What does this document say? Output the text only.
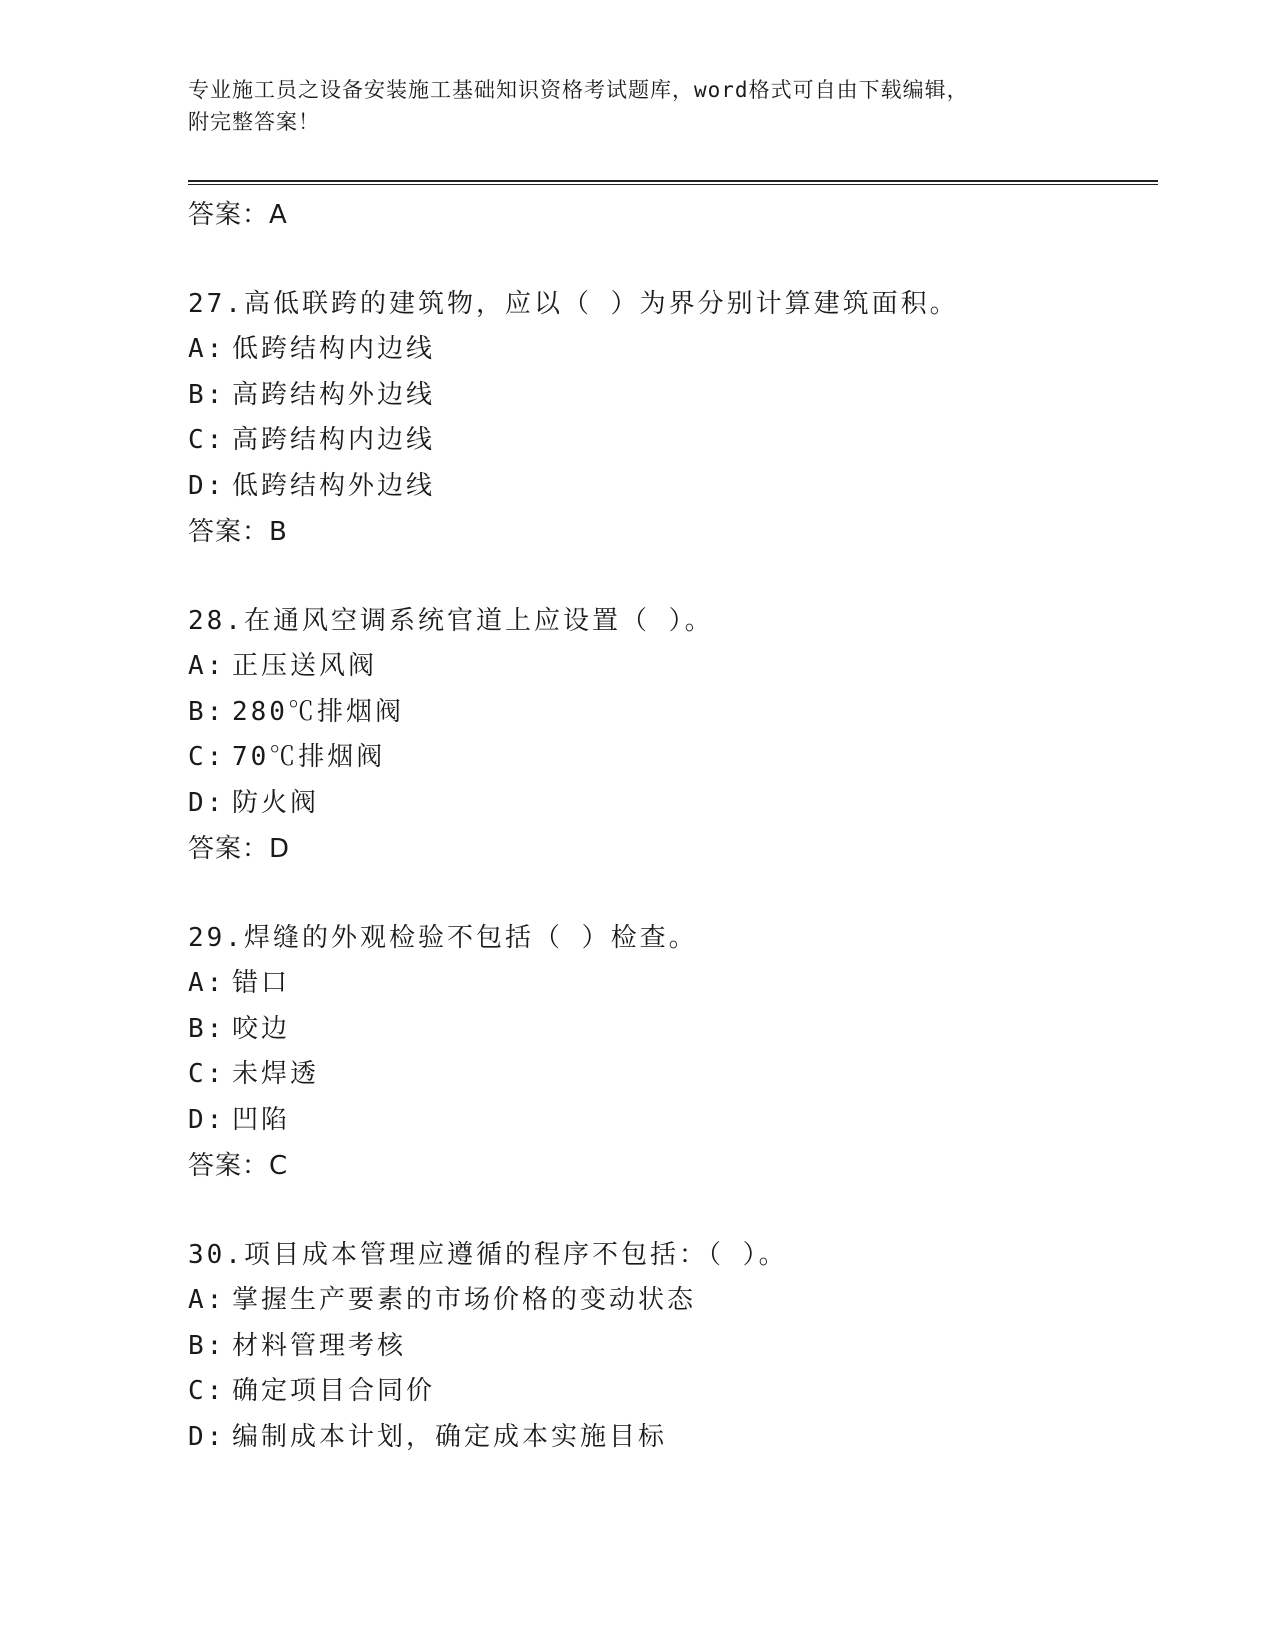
专业施工员之设备安装施工基础知识资格考试题库，word格式可自由下载编辑，
附完整答案！
答案：A
27.高低联跨的建筑物，应以（ ）为界分别计算建筑面积。
A: 低跨结构内边线
B: 高跨结构外边线
C: 高跨结构内边线
D: 低跨结构外边线
答案：B
28.在通风空调系统官道上应设置（ ）。
A: 正压送风阀
B: 280℃排烟阀
C: 70℃排烟阀
D: 防火阀
答案：D
29.焊缝的外观检验不包括（ ）检查。
A: 错口
B: 咬边
C: 未焊透
D: 凹陷
答案：C
30.项目成本管理应遵循的程序不包括：（ ）。
A: 掌握生产要素的市场价格的变动状态
B: 材料管理考核
C: 确定项目合同价
D: 编制成本计划，确定成本实施目标
